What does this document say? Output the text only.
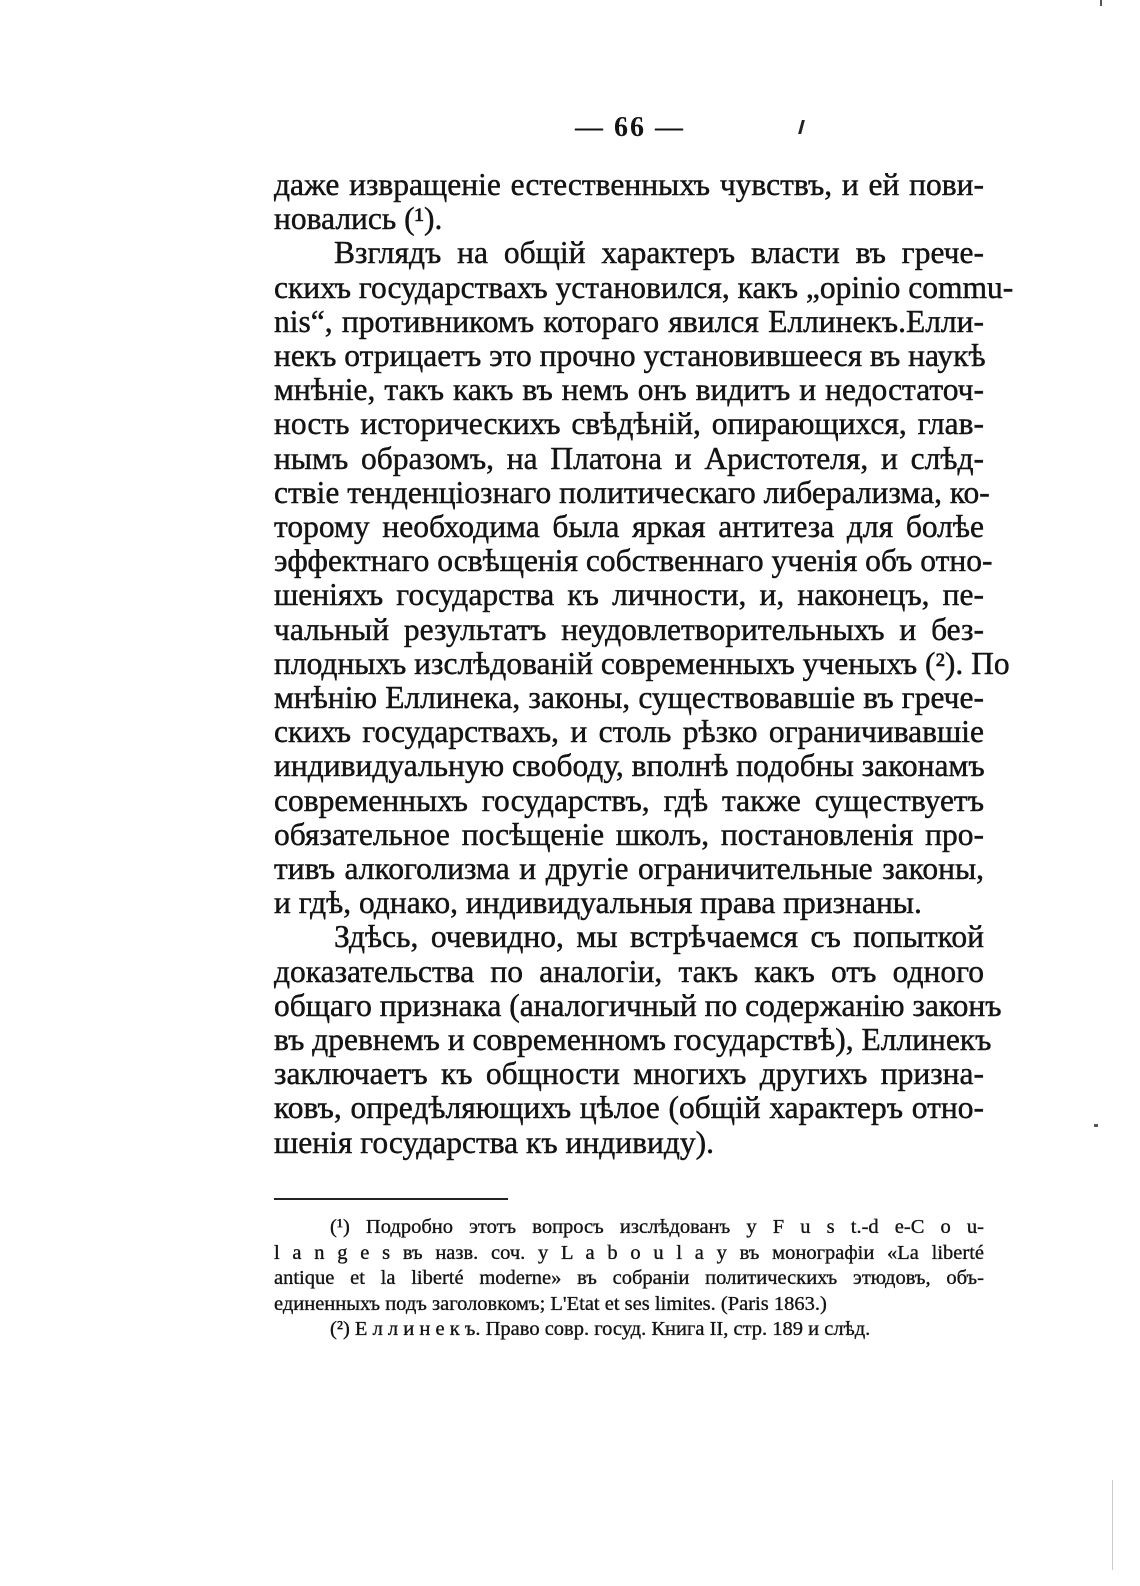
— 66 —

даже извращеніе естественныхъ чувствъ, и ей пови-
новались (¹).

Взглядъ на общій характеръ власти въ грече-
скихъ государствахъ установился, какъ „opinio commu-
nis“, противникомъ котораго явился Еллинекъ.Елли-
некъ отрицаетъ это прочно установившееся въ наукѣ
мнѣніе, такъ какъ въ немъ онъ видитъ и недостаточ-
ность историческихъ свѣдѣній, опирающихся, глав-
нымъ образомъ, на Платона и Аристотеля, и слѣд-
ствіе тенденціознаго политическаго либерализма, ко-
торому необходима была яркая антитеза для болѣе
эффектнаго освѣщенія собственнаго ученія объ отно-
шеніяхъ государства къ личности, и, наконецъ, пе-
чальный результатъ неудовлетворительныхъ и без-
плодныхъ изслѣдованій современныхъ ученыхъ (²). По
мнѣнію Еллинека, законы, существовавшіе въ грече-
скихъ государствахъ, и столь рѣзко ограничивавшіе
индивидуальную свободу, вполнѣ подобны законамъ
современныхъ государствъ, гдѣ также существуетъ
обязательное посѣщеніе школъ, постановленія про-
тивъ алкоголизма и другіе ограничительные законы,
и гдѣ, однако, индивидуальныя права признаны.

Здѣсь, очевидно, мы встрѣчаемся съ попыткой
доказательства по аналогіи, такъ какъ отъ одного
общаго признака (аналогичный по содержанію законъ
въ древнемъ и современномъ государствѣ), Еллинекъ
заключаетъ къ общности многихъ другихъ призна-
ковъ, опредѣляющихъ цѣлое (общій характеръ отно-
шенія государства къ индивиду).

(¹) Подробно этотъ вопросъ изслѣдованъ у F u s t.-d e-C o u-
l a n g e s въ назв. соч. у L a b o u l a y въ монографіи «La liberté
antique et la liberté moderne» въ собраніи политическихъ этюдовъ, объ-
единенныхъ подъ заголовкомъ; L'Etat et ses limites. (Paris 1863.)

(²) Е л л и н е к ъ. Право совр. госуд. Книга II, стр. 189 и слѣд.
